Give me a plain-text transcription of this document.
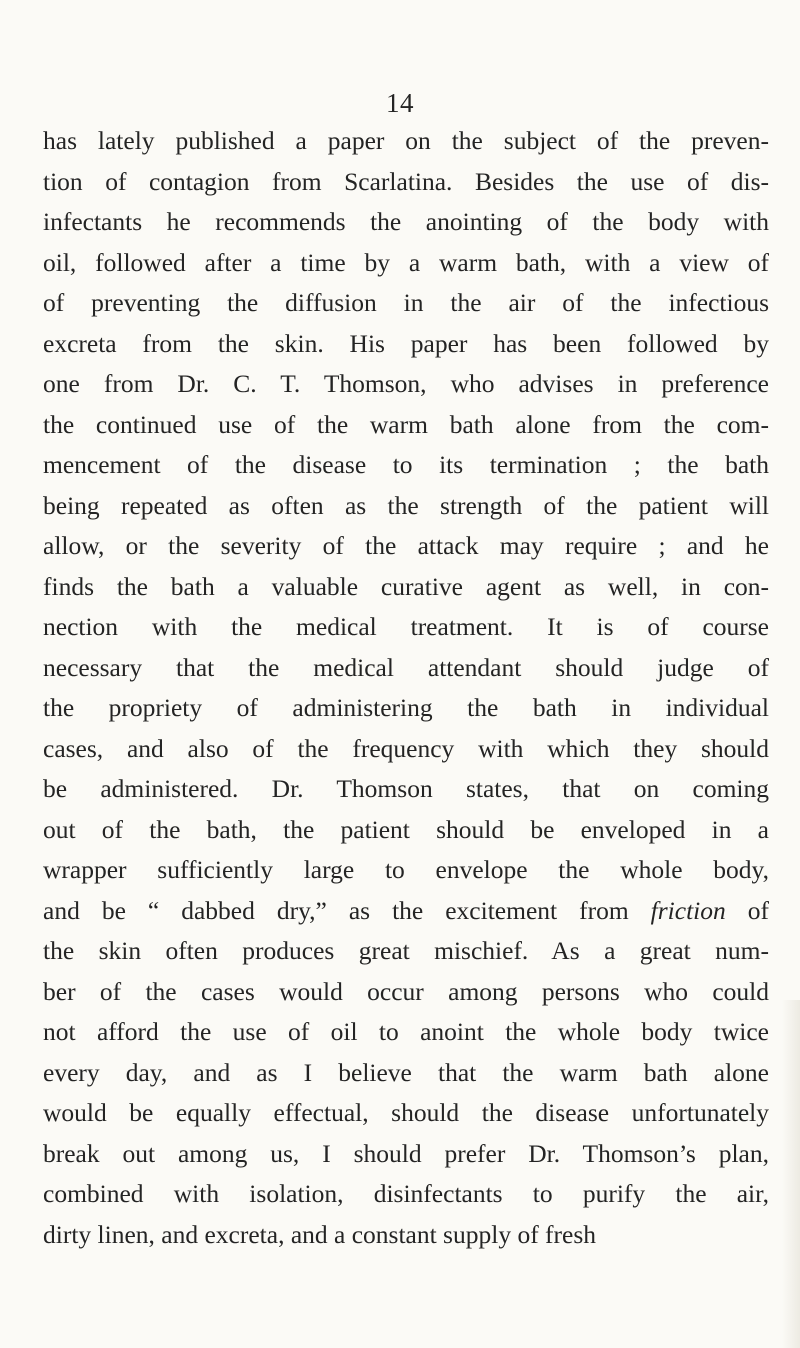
14
has lately published a paper on the subject of the preven-
tion of contagion from Scarlatina. Besides the use of dis-
infectants he recommends the anointing of the body with
oil, followed after a time by a warm bath, with a view of
of preventing the diffusion in the air of the infectious
excreta from the skin. His paper has been followed by
one from Dr. C. T. Thomson, who advises in preference
the continued use of the warm bath alone from the com-
mencement of the disease to its termination ; the bath
being repeated as often as the strength of the patient will
allow, or the severity of the attack may require ; and he
finds the bath a valuable curative agent as well, in con-
nection with the medical treatment. It is of course
necessary that the medical attendant should judge of
the propriety of administering the bath in individual
cases, and also of the frequency with which they should
be administered. Dr. Thomson states, that on coming
out of the bath, the patient should be enveloped in a
wrapper sufficiently large to envelope the whole body,
and be “ dabbed dry,” as the excitement from friction of
the skin often produces great mischief. As a great num-
ber of the cases would occur among persons who could
not afford the use of oil to anoint the whole body twice
every day, and as I believe that the warm bath alone
would be equally effectual, should the disease unfortunately
break out among us, I should prefer Dr. Thomson’s plan,
combined with isolation, disinfectants to purify the air,
dirty linen, and excreta, and a constant supply of fresh
